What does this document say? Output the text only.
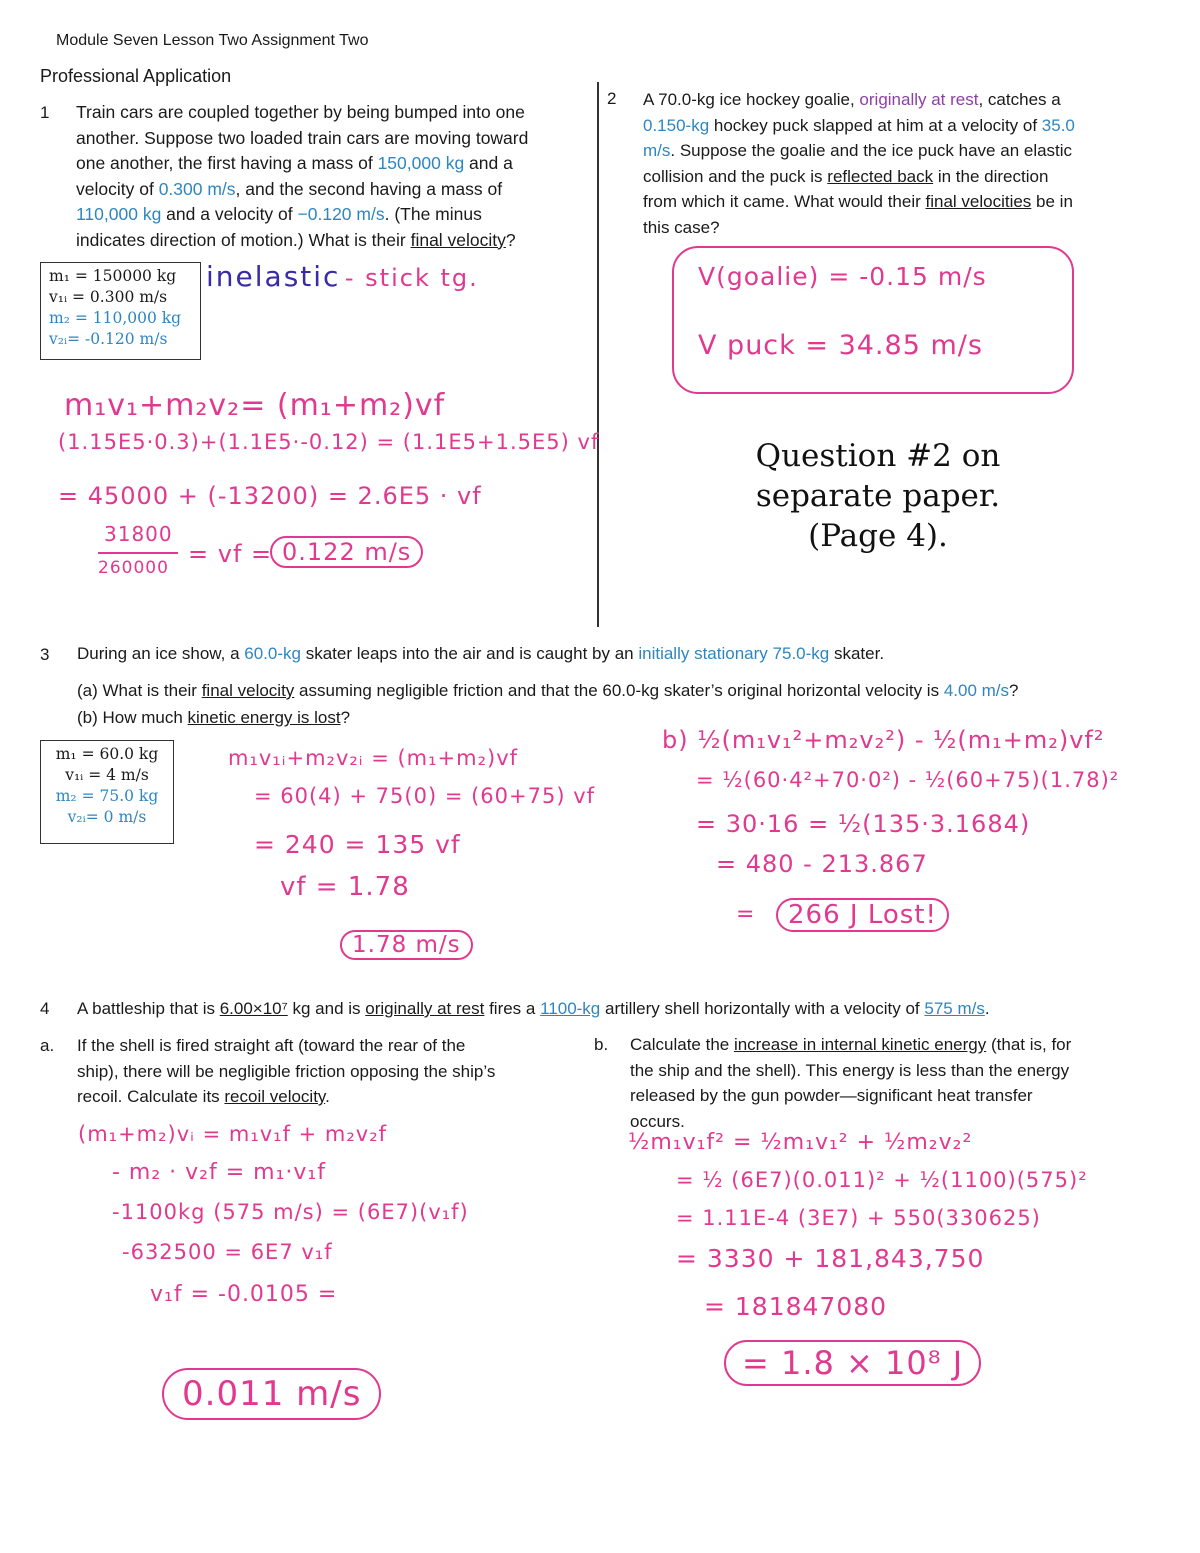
Module Seven Lesson Two Assignment Two
Professional Application
1 Train cars are coupled together by being bumped into one
another. Suppose two loaded train cars are moving toward
one another, the first having a mass of 150,000 kg and a
velocity of 0.300 m/s, and the second having a mass of
110,000 kg and a velocity of −0.120 m/s. (The minus
indicates direction of motion.) What is their final velocity?
m₁ = 150000 kg
v₁ᵢ = 0.300 m/s
m₂ = 110,000 kg
v₂ᵢ= -0.120 m/s
inelastic - stick tg.
m₁v₁+m₂v₂= (m₁+m₂)vf
(1.15E5·0.3)+(1.1E5·-0.12) = (1.1E5+1.5E5) vf
= 45000 + (-13200) = 2.6E5 · vf
31800
260000 = vf = 0.122 m/s
2 A 70.0-kg ice hockey goalie, originally at rest, catches a
0.150-kg hockey puck slapped at him at a velocity of 35.0
m/s. Suppose the goalie and the ice puck have an elastic
collision and the puck is reflected back in the direction
from which it came. What would their final velocities be in
this case?
V(goalie) = -0.15 m/s
V puck = 34.85 m/s
Question #2 on
separate paper.
(Page 4).
3 During an ice show, a 60.0-kg skater leaps into the air and is caught by an initially stationary 75.0-kg skater.
(a) What is their final velocity assuming negligible friction and that the 60.0-kg skater’s original horizontal velocity is 4.00 m/s?
(b) How much kinetic energy is lost?
m₁ = 60.0 kg
v₁ᵢ = 4 m/s
m₂ = 75.0 kg
v₂ᵢ= 0 m/s
m₁v₁ᵢ+m₂v₂ᵢ = (m₁+m₂)vf
= 60(4) + 75(0) = (60+75) vf
= 240 = 135 vf
vf = 1.78
1.78 m/s
b) ½(m₁v₁²+m₂v₂²) - ½(m₁+m₂)vf²
= ½(60·4²+70·0²) - ½(60+75)(1.78)²
= 30·16 = ½(135·3.1684)
= 480 - 213.867
=	266 J Lost!
4 A battleship that is 6.00×10⁷ kg and is originally at rest fires a 1100-kg artillery shell horizontally with a velocity of 575 m/s.
a. If the shell is fired straight aft (toward the rear of the
ship), there will be negligible friction opposing the ship’s
recoil. Calculate its recoil velocity.
b. Calculate the increase in internal kinetic energy (that is, for
the ship and the shell). This energy is less than the energy
released by the gun powder—significant heat transfer
occurs.
(m₁+m₂)vᵢ = m₁v₁f + m₂v₂f
- m₂ · v₂f = m₁·v₁f
-1100kg (575 m/s) = (6E7)(v₁f)
-632500 = 6E7 v₁f
v₁f = -0.0105 =
0.011 m/s
½m₁v₁f² = ½m₁v₁² + ½m₂v₂²
= ½ (6E7)(0.011)² + ½(1100)(575)²
= 1.11E-4 (3E7) + 550(330625)
= 3330 + 181,843,750
= 181847080
= 1.8 × 10⁸ J
